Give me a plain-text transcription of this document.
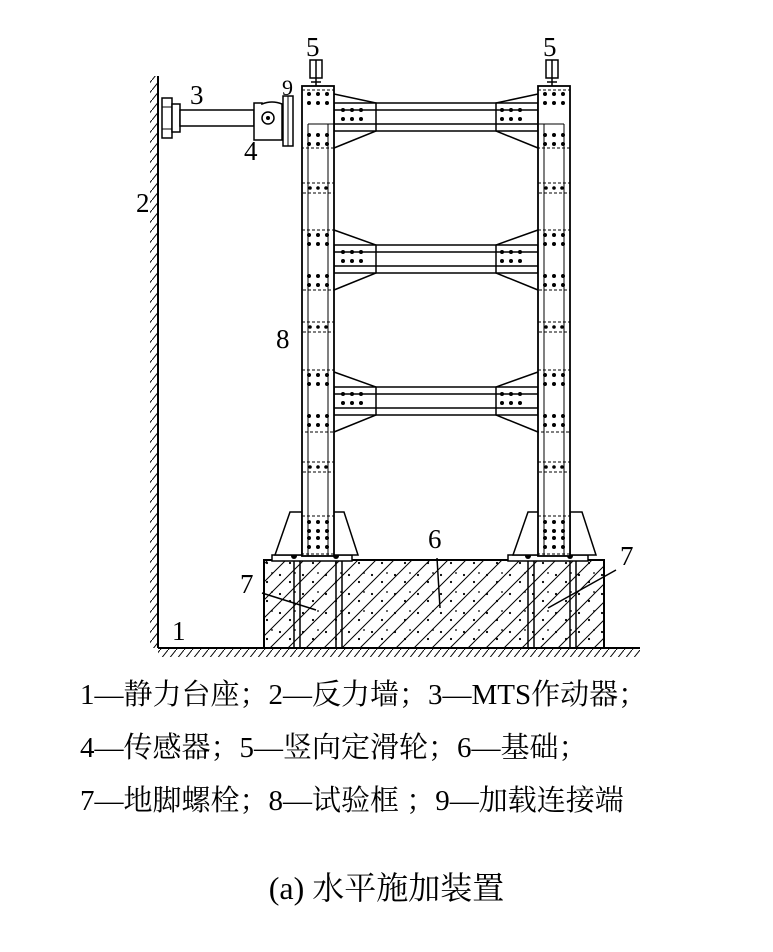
1
2
3
4
5	5
6
7
7
8
9
1—静力台座；2—反力墙；3—MTS作动器；
4—传感器；5—竖向定滑轮；6—基础；
7—地脚螺栓；8—试验框 ；9—加载连接端
(a) 水平施加装置
